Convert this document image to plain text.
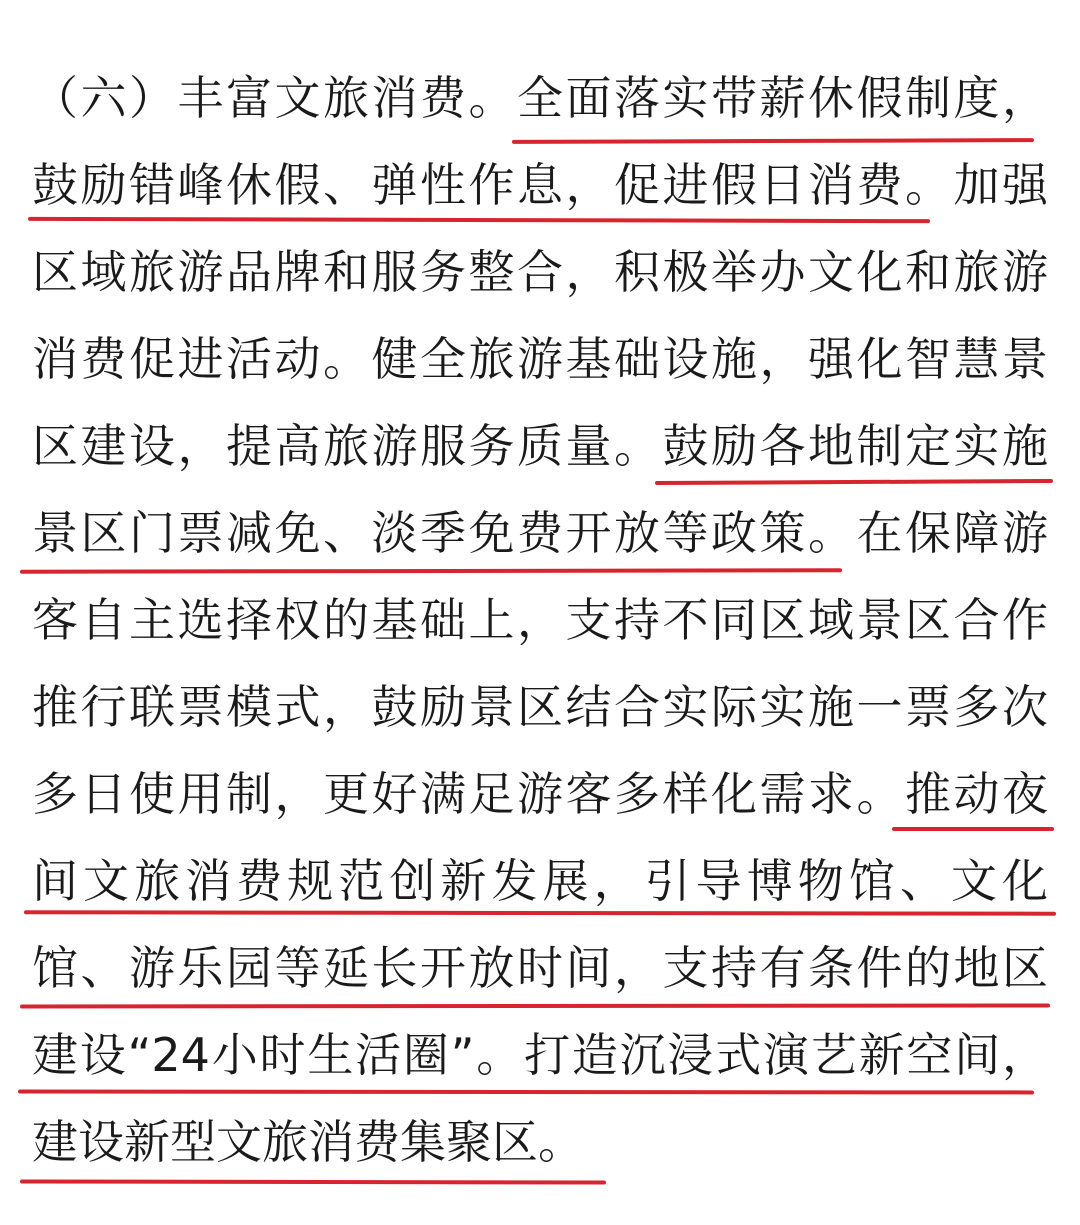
（六）丰富文旅消费。全面落实带薪休假制度，
鼓励错峰休假、弹性作息，促进假日消费。加强
区域旅游品牌和服务整合，积极举办文化和旅游
消费促进活动。健全旅游基础设施，强化智慧景
区建设，提高旅游服务质量。鼓励各地制定实施
景区门票减免、淡季免费开放等政策。在保障游
客自主选择权的基础上，支持不同区域景区合作
推行联票模式，鼓励景区结合实际实施一票多次
多日使用制，更好满足游客多样化需求。推动夜
间文旅消费规范创新发展，引导博物馆、文化
馆、游乐园等延长开放时间，支持有条件的地区
建设“24小时生活圈”。打造沉浸式演艺新空间，
建设新型文旅消费集聚区。
